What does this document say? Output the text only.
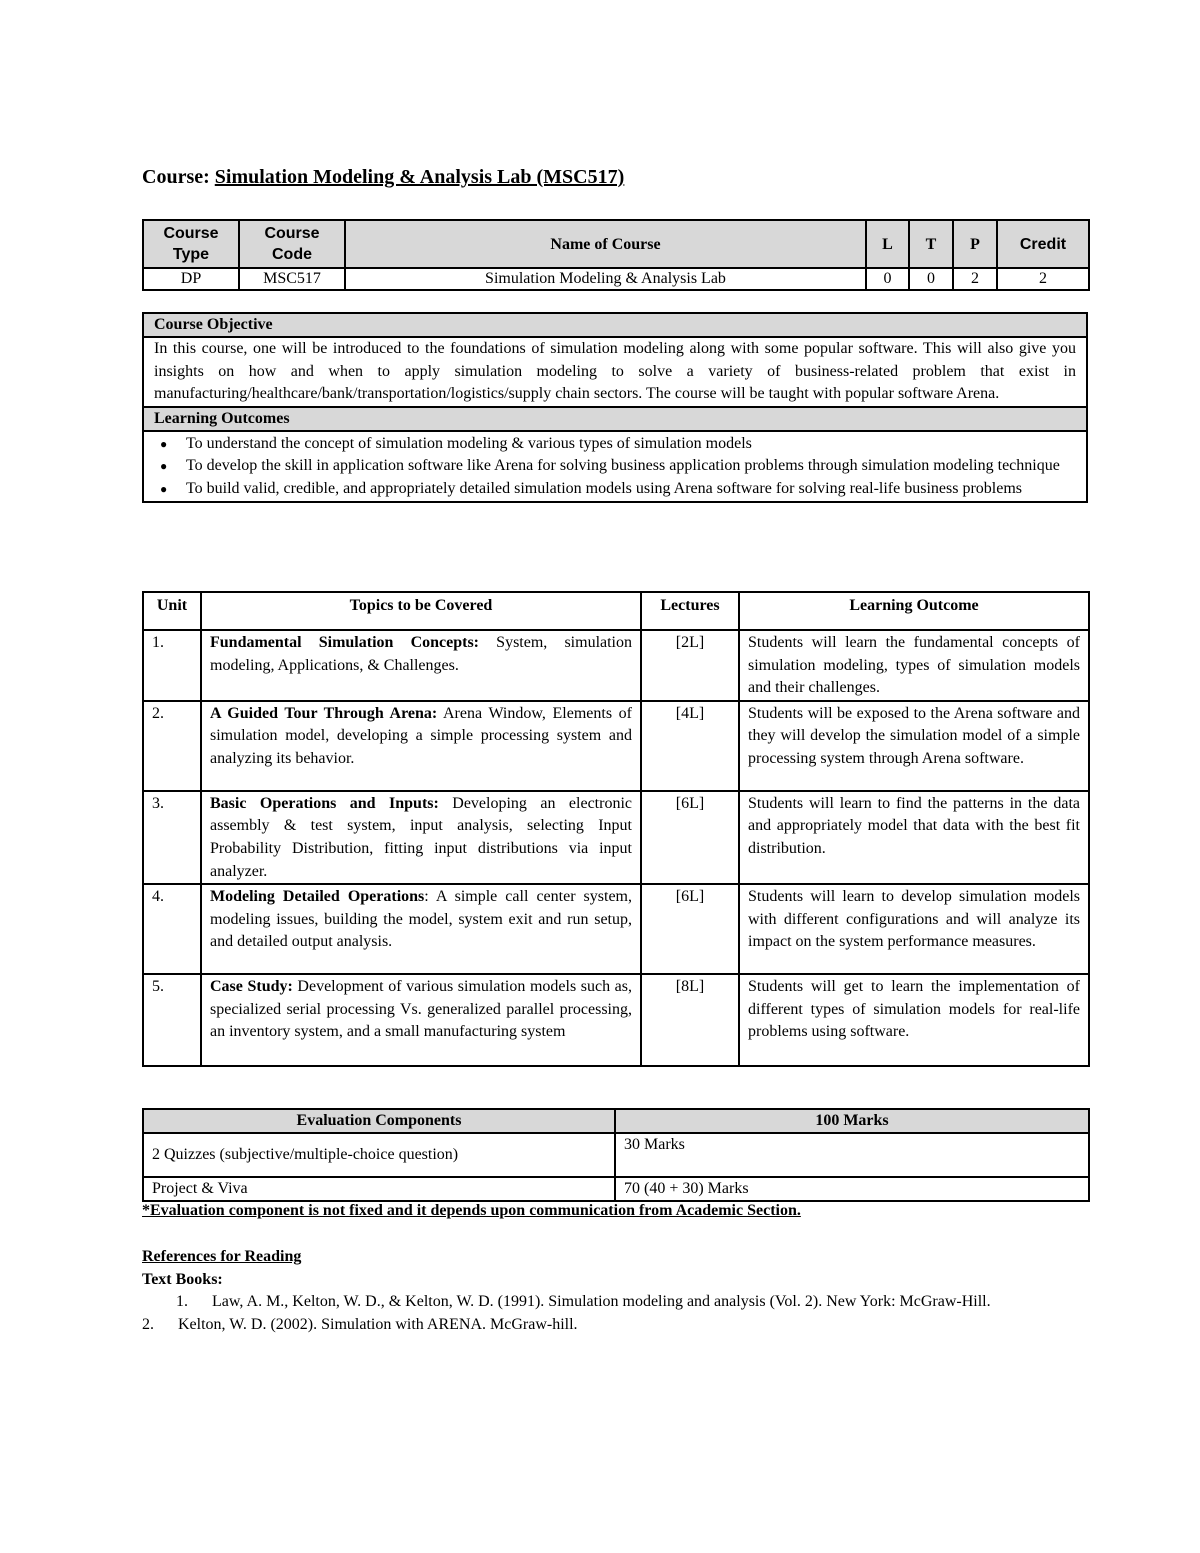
Course: Simulation Modeling & Analysis Lab (MSC517)
Course Type	Course Code	Name of Course	L	T	P	Credit
DP	MSC517	Simulation Modeling & Analysis Lab	0	0	2	2
Course Objective
In this course, one will be introduced to the foundations of simulation modeling along with some popular software. This will also give you insights on how and when to apply simulation modeling to solve a variety of business-related problem that exist in manufacturing/healthcare/bank/transportation/logistics/supply chain sectors. The course will be taught with popular software Arena.
Learning Outcomes

● To understand the concept of simulation modeling & various types of simulation models
● To develop the skill in application software like Arena for solving business application problems through simulation modeling technique
● To build valid, credible, and appropriately detailed simulation models using Arena software for solving real-life business problems
Unit	Topics to be Covered	Lectures	Learning Outcome
1.	Fundamental Simulation Concepts: System, simulation modeling, Applications, & Challenges.	[2L]	Students will learn the fundamental concepts of simulation modeling, types of simulation models and their challenges.
2.	A Guided Tour Through Arena: Arena Window, Elements of simulation model, developing a simple processing system and analyzing its behavior.	[4L]	Students will be exposed to the Arena software and they will develop the simulation model of a simple processing system through Arena software.
3.	Basic Operations and Inputs: Developing an electronic assembly & test system, input analysis, selecting Input Probability Distribution, fitting input distributions via input analyzer.	[6L]	Students will learn to find the patterns in the data and appropriately model that data with the best fit distribution.
4.	Modeling Detailed Operations: A simple call center system, modeling issues, building the model, system exit and run setup, and detailed output analysis.	[6L]	Students will learn to develop simulation models with different configurations and will analyze its impact on the system performance measures.
5.	Case Study: Development of various simulation models such as, specialized serial processing Vs. generalized parallel processing, an inventory system, and a small manufacturing system	[8L]	Students will get to learn the implementation of different types of simulation models for real-life problems using software.
Evaluation Components	100 Marks
2 Quizzes (subjective/multiple-choice question)	30 Marks
Project & Viva	70 (40 + 30) Marks
*Evaluation component is not fixed and it depends upon communication from Academic Section.
References for Reading
Text Books:
1. Law, A. M., Kelton, W. D., & Kelton, W. D. (1991). Simulation modeling and analysis (Vol. 2). New York: McGraw-Hill.
2. Kelton, W. D. (2002). Simulation with ARENA. McGraw-hill.
